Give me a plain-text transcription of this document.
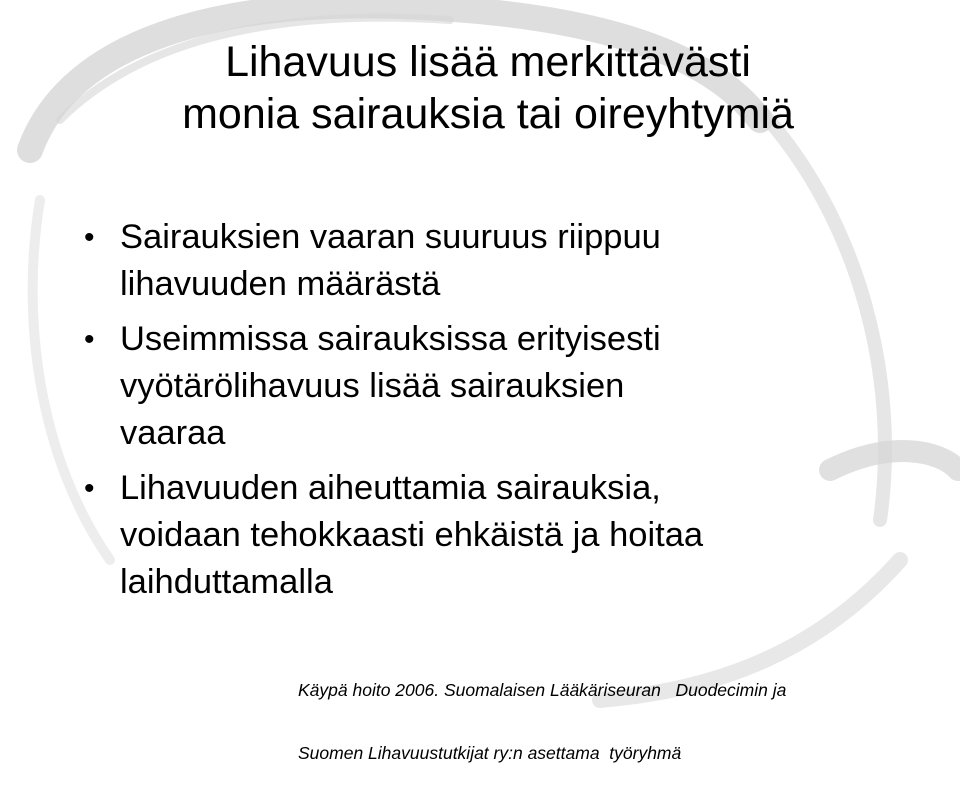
Lihavuus lisää merkittävästi
monia sairauksia tai oireyhtymiä
• Sairauksien vaaran suuruus riippuu
lihavuuden määrästä
• Useimmissa sairauksissa erityisesti
vyötärölihavuus lisää sairauksien
vaaraa
• Lihavuuden aiheuttamia sairauksia,
voidaan tehokkaasti ehkäistä ja hoitaa
laihduttamalla

Käypä hoito 2006. Suomalaisen Lääkäriseuran   Duodecimin ja

Suomen Lihavuustutkijat ry:n asettama  työryhmä
